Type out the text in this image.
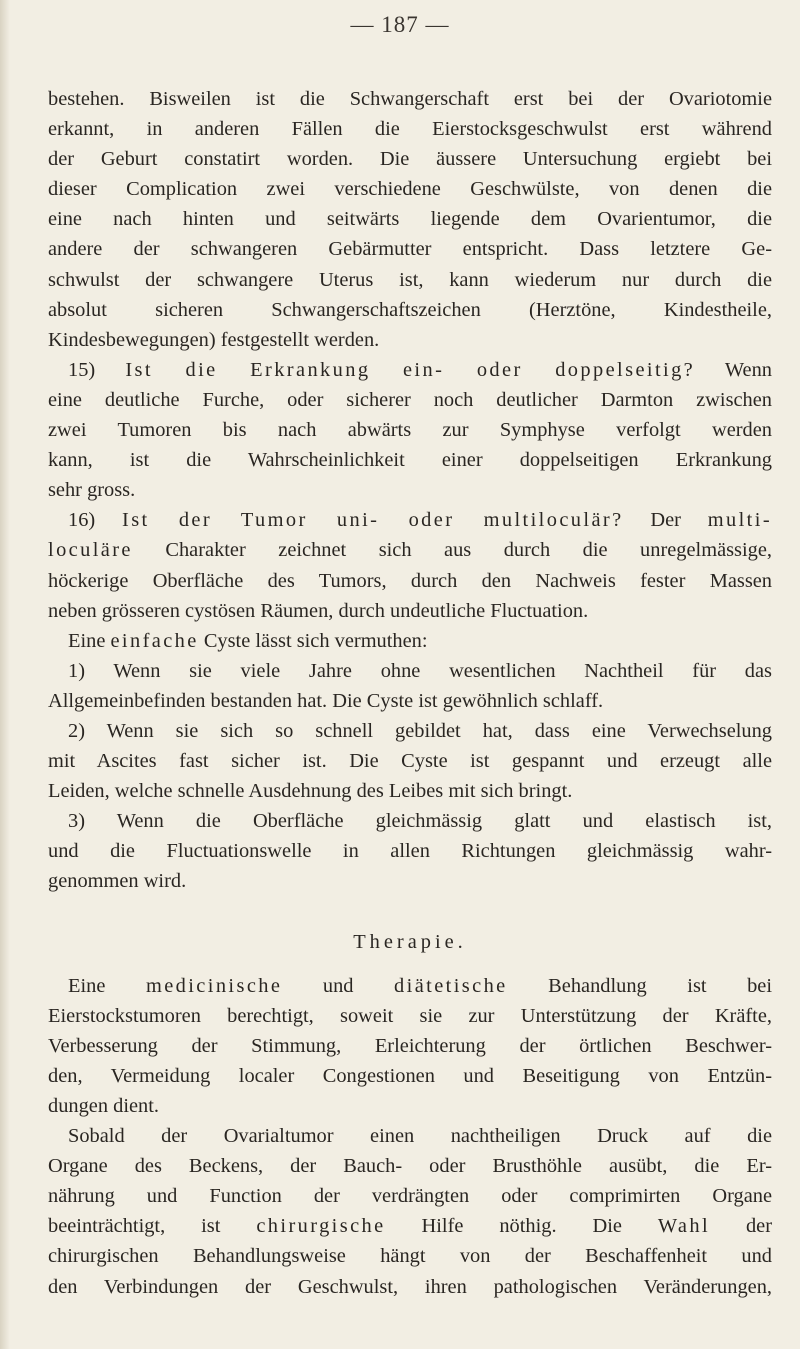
— 187 —
bestehen. Bisweilen ist die Schwangerschaft erst bei der Ovariotomie
erkannt, in anderen Fällen die Eierstocksgeschwulst erst während
der Geburt constatirt worden. Die äussere Untersuchung ergiebt bei
dieser Complication zwei verschiedene Geschwülste, von denen die
eine nach hinten und seitwärts liegende dem Ovarientumor, die
andere der schwangeren Gebärmutter entspricht. Dass letztere Ge-
schwulst der schwangere Uterus ist, kann wiederum nur durch die
absolut sicheren Schwangerschaftszeichen (Herztöne, Kindestheile,
Kindesbewegungen) festgestellt werden.
15) Ist die Erkrankung ein- oder doppelseitig? Wenn
eine deutliche Furche, oder sicherer noch deutlicher Darmton zwischen
zwei Tumoren bis nach abwärts zur Symphyse verfolgt werden
kann, ist die Wahrscheinlichkeit einer doppelseitigen Erkrankung
sehr gross.
16) Ist der Tumor uni- oder multiloculär? Der multi-
loculäre Charakter zeichnet sich aus durch die unregelmässige,
höckerige Oberfläche des Tumors, durch den Nachweis fester Massen
neben grösseren cystösen Räumen, durch undeutliche Fluctuation.
Eine einfache Cyste lässt sich vermuthen:
1) Wenn sie viele Jahre ohne wesentlichen Nachtheil für das
Allgemeinbefinden bestanden hat. Die Cyste ist gewöhnlich schlaff.
2) Wenn sie sich so schnell gebildet hat, dass eine Verwechselung
mit Ascites fast sicher ist. Die Cyste ist gespannt und erzeugt alle
Leiden, welche schnelle Ausdehnung des Leibes mit sich bringt.
3) Wenn die Oberfläche gleichmässig glatt und elastisch ist,
und die Fluctuationswelle in allen Richtungen gleichmässig wahr-
genommen wird.
Therapie.
Eine medicinische und diätetische Behandlung ist bei
Eierstockstumoren berechtigt, soweit sie zur Unterstützung der Kräfte,
Verbesserung der Stimmung, Erleichterung der örtlichen Beschwer-
den, Vermeidung localer Congestionen und Beseitigung von Entzün-
dungen dient.
Sobald der Ovarialtumor einen nachtheiligen Druck auf die
Organe des Beckens, der Bauch- oder Brusthöhle ausübt, die Er-
nährung und Function der verdrängten oder comprimirten Organe
beeinträchtigt, ist chirurgische Hilfe nöthig. Die Wahl der
chirurgischen Behandlungsweise hängt von der Beschaffenheit und
den Verbindungen der Geschwulst, ihren pathologischen Veränderungen,
